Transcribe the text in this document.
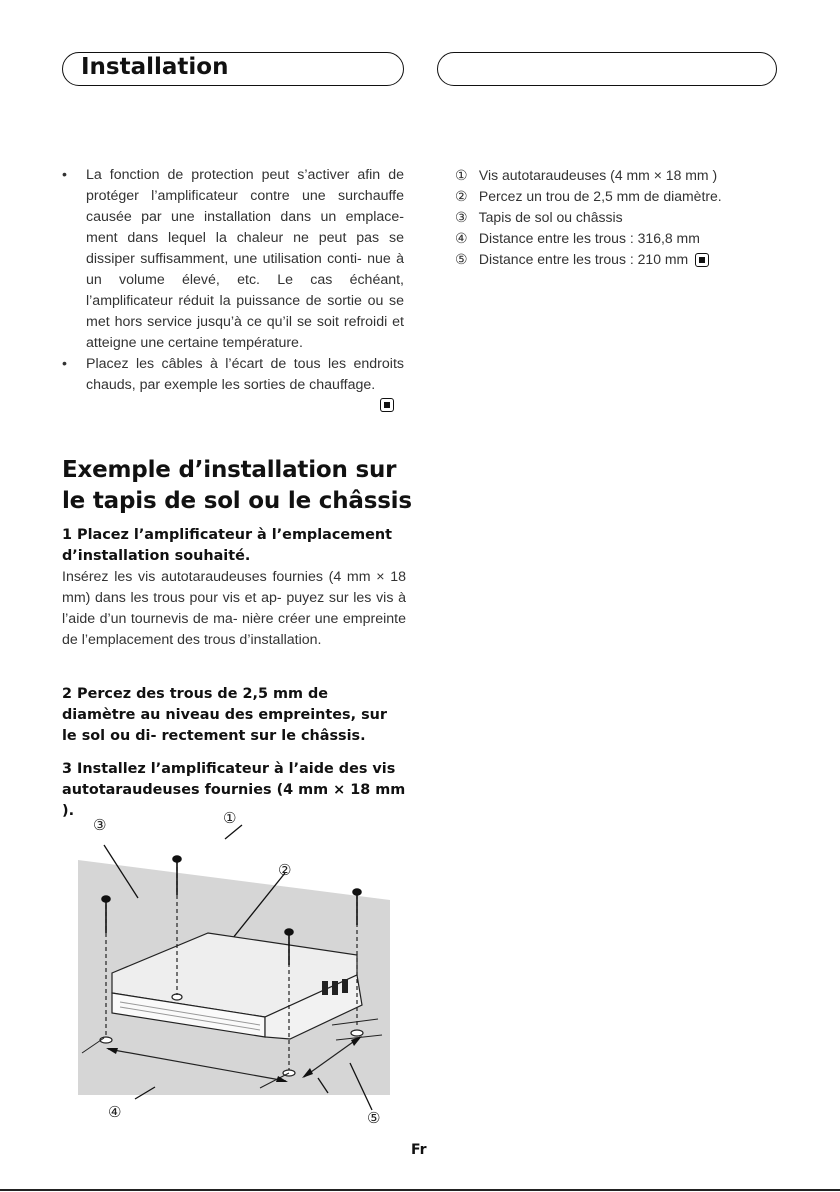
Installation
• La fonction de protection peut s’activer afin de protéger l’amplificateur contre une surchauffe causée par une installation dans un emplace- ment dans lequel la chaleur ne peut pas se dissiper suffisamment, une utilisation conti- nue à un volume élevé, etc. Le cas échéant, l’amplificateur réduit la puissance de sortie ou se met hors service jusqu’à ce qu’il se soit refroidi et atteigne une certaine température.
• Placez les câbles à l’écart de tous les endroits chauds, par exemple les sorties de chauffage.
Exemple d’installation sur le tapis de sol ou le châssis
1 Placez l’amplificateur à l’emplacement d’installation souhaité.
Insérez les vis autotaraudeuses fournies (4 mm × 18 mm) dans les trous pour vis et ap- puyez sur les vis à l’aide d’un tournevis de ma- nière créer une empreinte de l’emplacement des trous d’installation.
2 Percez des trous de 2,5 mm de diamètre au niveau des empreintes, sur le sol ou di- rectement sur le châssis.
3 Installez l’amplificateur à l’aide des vis autotaraudeuses fournies (4 mm × 18 mm ).	①
②
③
④	⑤
① Vis autotaraudeuses (4 mm × 18 mm )
② Percez un trou de 2,5 mm de diamètre.
③ Tapis de sol ou châssis
④ Distance entre les trous : 316,8 mm
⑤ Distance entre les trous : 210 mm
Fr
